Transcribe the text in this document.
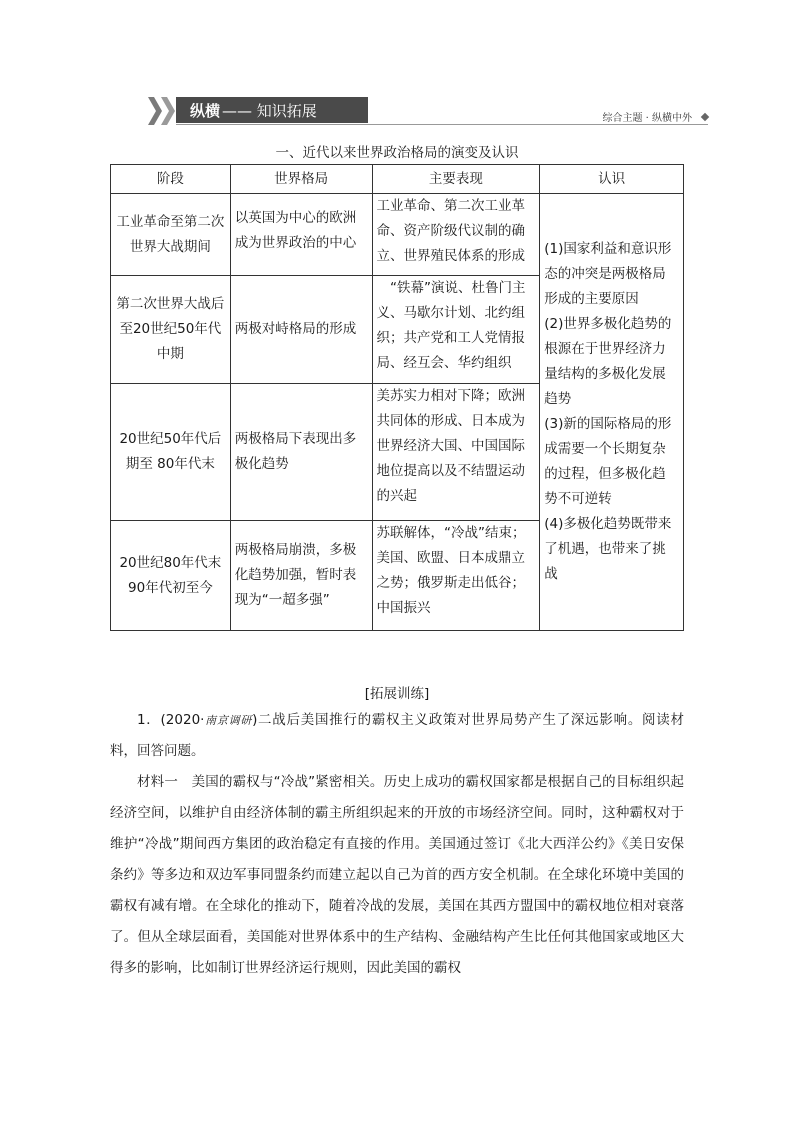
纵横 —— 知识拓展	综合主题 · 纵横中外
一、近代以来世界政治格局的演变及认识
阶段	世界格局	主要表现	认识
工业革命至第二次世界大战期间	以英国为中心的欧洲成为世界政治的中心	工业革命、第二次工业革命、资产阶级代议制的确立、世界殖民体系的形成	(1)国家利益和意识形态的冲突是两极格局形成的主要原因
(2)世界多极化趋势的根源在于世界经济力量结构的多极化发展趋势
(3)新的国际格局的形成需要一个长期复杂的过程，但多极化趋势不可逆转
(4)多极化趋势既带来了机遇，也带来了挑战
第二次世界大战后至20世纪50年代中期	两极对峙格局的形成	“铁幕”演说、杜鲁门主义、马歇尔计划、北约组织；共产党和工人党情报局、经互会、华约组织	
20世纪50年代后期至 80年代末	两极格局下表现出多极化趋势	美苏实力相对下降；欧洲共同体的形成、日本成为世界经济大国、中国国际地位提高以及不结盟运动的兴起	
20世纪80年代末90年代初至今	两极格局崩溃，多极化趋势加强，暂时表现为“一超多强”	苏联解体，“冷战”结束；美国、欧盟、日本成鼎立之势；俄罗斯走出低谷；中国振兴	
[拓展训练]
1．(2020·南京调研)二战后美国推行的霸权主义政策对世界局势产生了深远影响。阅读材料，回答问题。
材料一　美国的霸权与“冷战”紧密相关。历史上成功的霸权国家都是根据自己的目标组织起经济空间，以维护自由经济体制的霸主所组织起来的开放的市场经济空间。同时，这种霸权对于维护“冷战”期间西方集团的政治稳定有直接的作用。美国通过签订《北大西洋公约》《美日安保条约》等多边和双边军事同盟条约而建立起以自己为首的西方安全机制。在全球化环境中美国的霸权有减有增。在全球化的推动下，随着冷战的发展，美国在其西方盟国中的霸权地位相对衰落了。但从全球层面看，美国能对世界体系中的生产结构、金融结构产生比任何其他国家或地区大得多的影响，比如制订世界经济运行规则，因此美国的霸权
